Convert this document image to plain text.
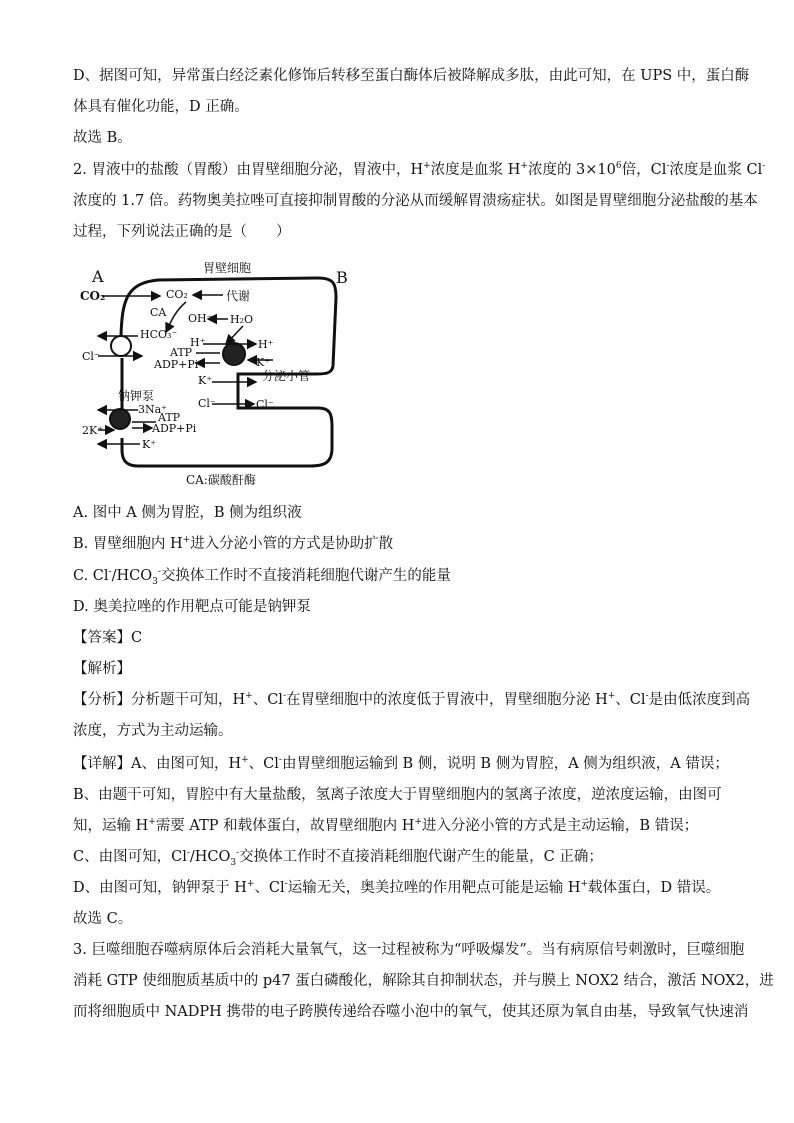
D、据图可知，异常蛋白经泛素化修饰后转移至蛋白酶体后被降解成多肽，由此可知，在 UPS 中，蛋白酶
体具有催化功能，D 正确。
故选 B。
2. 胃液中的盐酸（胃酸）由胃壁细胞分泌，胃液中，H+浓度是血浆 H+浓度的 $3\times 10^6$倍，Cl-浓度是血浆 Cl-
浓度的 1.7 倍。药物奥美拉唑可直接抑制胃酸的分泌从而缓解胃溃疡症状。如图是胃壁细胞分泌盐酸的基本
过程，下列说法正确的是（　　）
A	B
胃壁细胞
CO₂	CO₂	代谢
CA OH⁻ H₂O
HCO₃⁻
Cl⁻	ATP
ADP+Pi
H⁺	H⁺
K⁺
K⁺	分泌小管
Cl⁻	Cl⁻
钠钾泵
3Na⁺
ATP
ADP+Pi
2K⁺
K⁺
CA:碳酸酐酶
A. 图中 A 侧为胃腔，B 侧为组织液
B. 胃壁细胞内 H+进入分泌小管的方式是协助扩散
C. $Cl^-/HCO_3^-$交换体工作时不直接消耗细胞代谢产生的能量
D. 奥美拉唑的作用靶点可能是钠钾泵
【答案】C
【解析】
【分析】分析题干可知，H+、Cl-在胃壁细胞中的浓度低于胃液中，胃壁细胞分泌 H+、Cl-是由低浓度到高
浓度，方式为主动运输。
【详解】A、由图可知，H+、Cl-由胃壁细胞运输到 B 侧，说明 B 侧为胃腔，A 侧为组织液，A 错误；
B、由题干可知，胃腔中有大量盐酸，氢离子浓度大于胃壁细胞内的氢离子浓度，逆浓度运输，由图可
知，运输 H+需要 ATP 和载体蛋白，故胃壁细胞内 H+进入分泌小管的方式是主动运输，B 错误；
C、由图可知，$Cl^-/HCO_3^-$交换体工作时不直接消耗细胞代谢产生的能量，C 正确；
D、由图可知，钠钾泵于 H+、Cl-运输无关，奥美拉唑的作用靶点可能是运输 H+载体蛋白，D 错误。
故选 C。
3. 巨噬细胞吞噬病原体后会消耗大量氧气，这一过程被称为“呼吸爆发”。当有病原信号刺激时，巨噬细胞
消耗 GTP 使细胞质基质中的 p47 蛋白磷酸化，解除其自抑制状态，并与膜上 NOX2 结合，激活 NOX2，进
而将细胞质中 NADPH 携带的电子跨膜传递给吞噬小泡中的氧气，使其还原为氧自由基，导致氧气快速消
